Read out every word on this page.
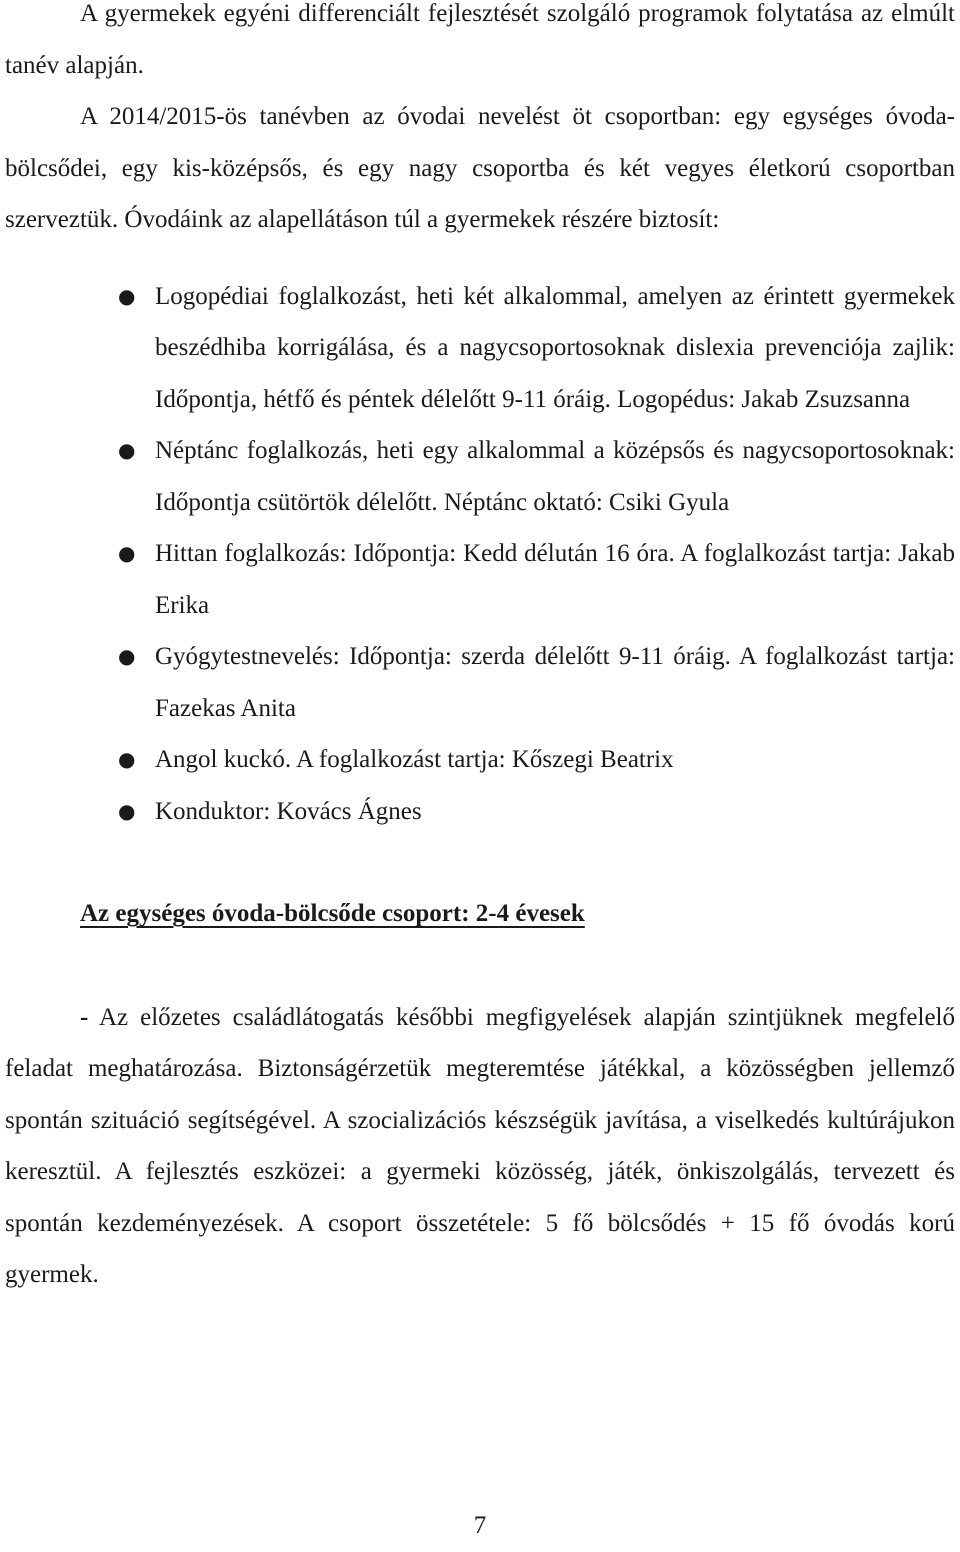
A gyermekek egyéni differenciált fejlesztését szolgáló programok folytatása az elmúlt tanév alapján.

A 2014/2015-ös tanévben az óvodai nevelést öt csoportban: egy egységes óvoda-bölcsődei, egy kis-középsős, és egy nagy csoportba és két vegyes életkorú csoportban szerveztük. Óvodáink az alapellátáson túl a gyermekek részére biztosít:

● Logopédiai foglalkozást, heti két alkalommal, amelyen az érintett gyermekek beszédhiba korrigálása, és a nagycsoportosoknak dislexia prevenciója zajlik: Időpontja, hétfő és péntek délelőtt 9-11 óráig. Logopédus: Jakab Zsuzsanna
● Néptánc foglalkozás, heti egy alkalommal a középsős és nagycsoportosoknak: Időpontja csütörtök délelőtt. Néptánc oktató: Csiki Gyula
● Hittan foglalkozás: Időpontja: Kedd délután 16 óra. A foglalkozást tartja: Jakab Erika
● Gyógytestnevelés: Időpontja: szerda délelőtt 9-11 óráig. A foglalkozást tartja: Fazekas Anita
● Angol kuckó. A foglalkozást tartja: Kőszegi Beatrix
● Konduktor: Kovács Ágnes

Az egységes óvoda-bölcsőde csoport: 2-4 évesek

- Az előzetes családlátogatás későbbi megfigyelések alapján szintjüknek megfelelő feladat meghatározása. Biztonságérzetük megteremtése játékkal, a közösségben jellemző spontán szituáció segítségével. A szocializációs készségük javítása, a viselkedés kultúrájukon keresztül. A fejlesztés eszközei: a gyermeki közösség, játék, önkiszolgálás, tervezett és spontán kezdeményezések. A csoport összetétele: 5 fő bölcsődés + 15 fő óvodás korú gyermek.

7
